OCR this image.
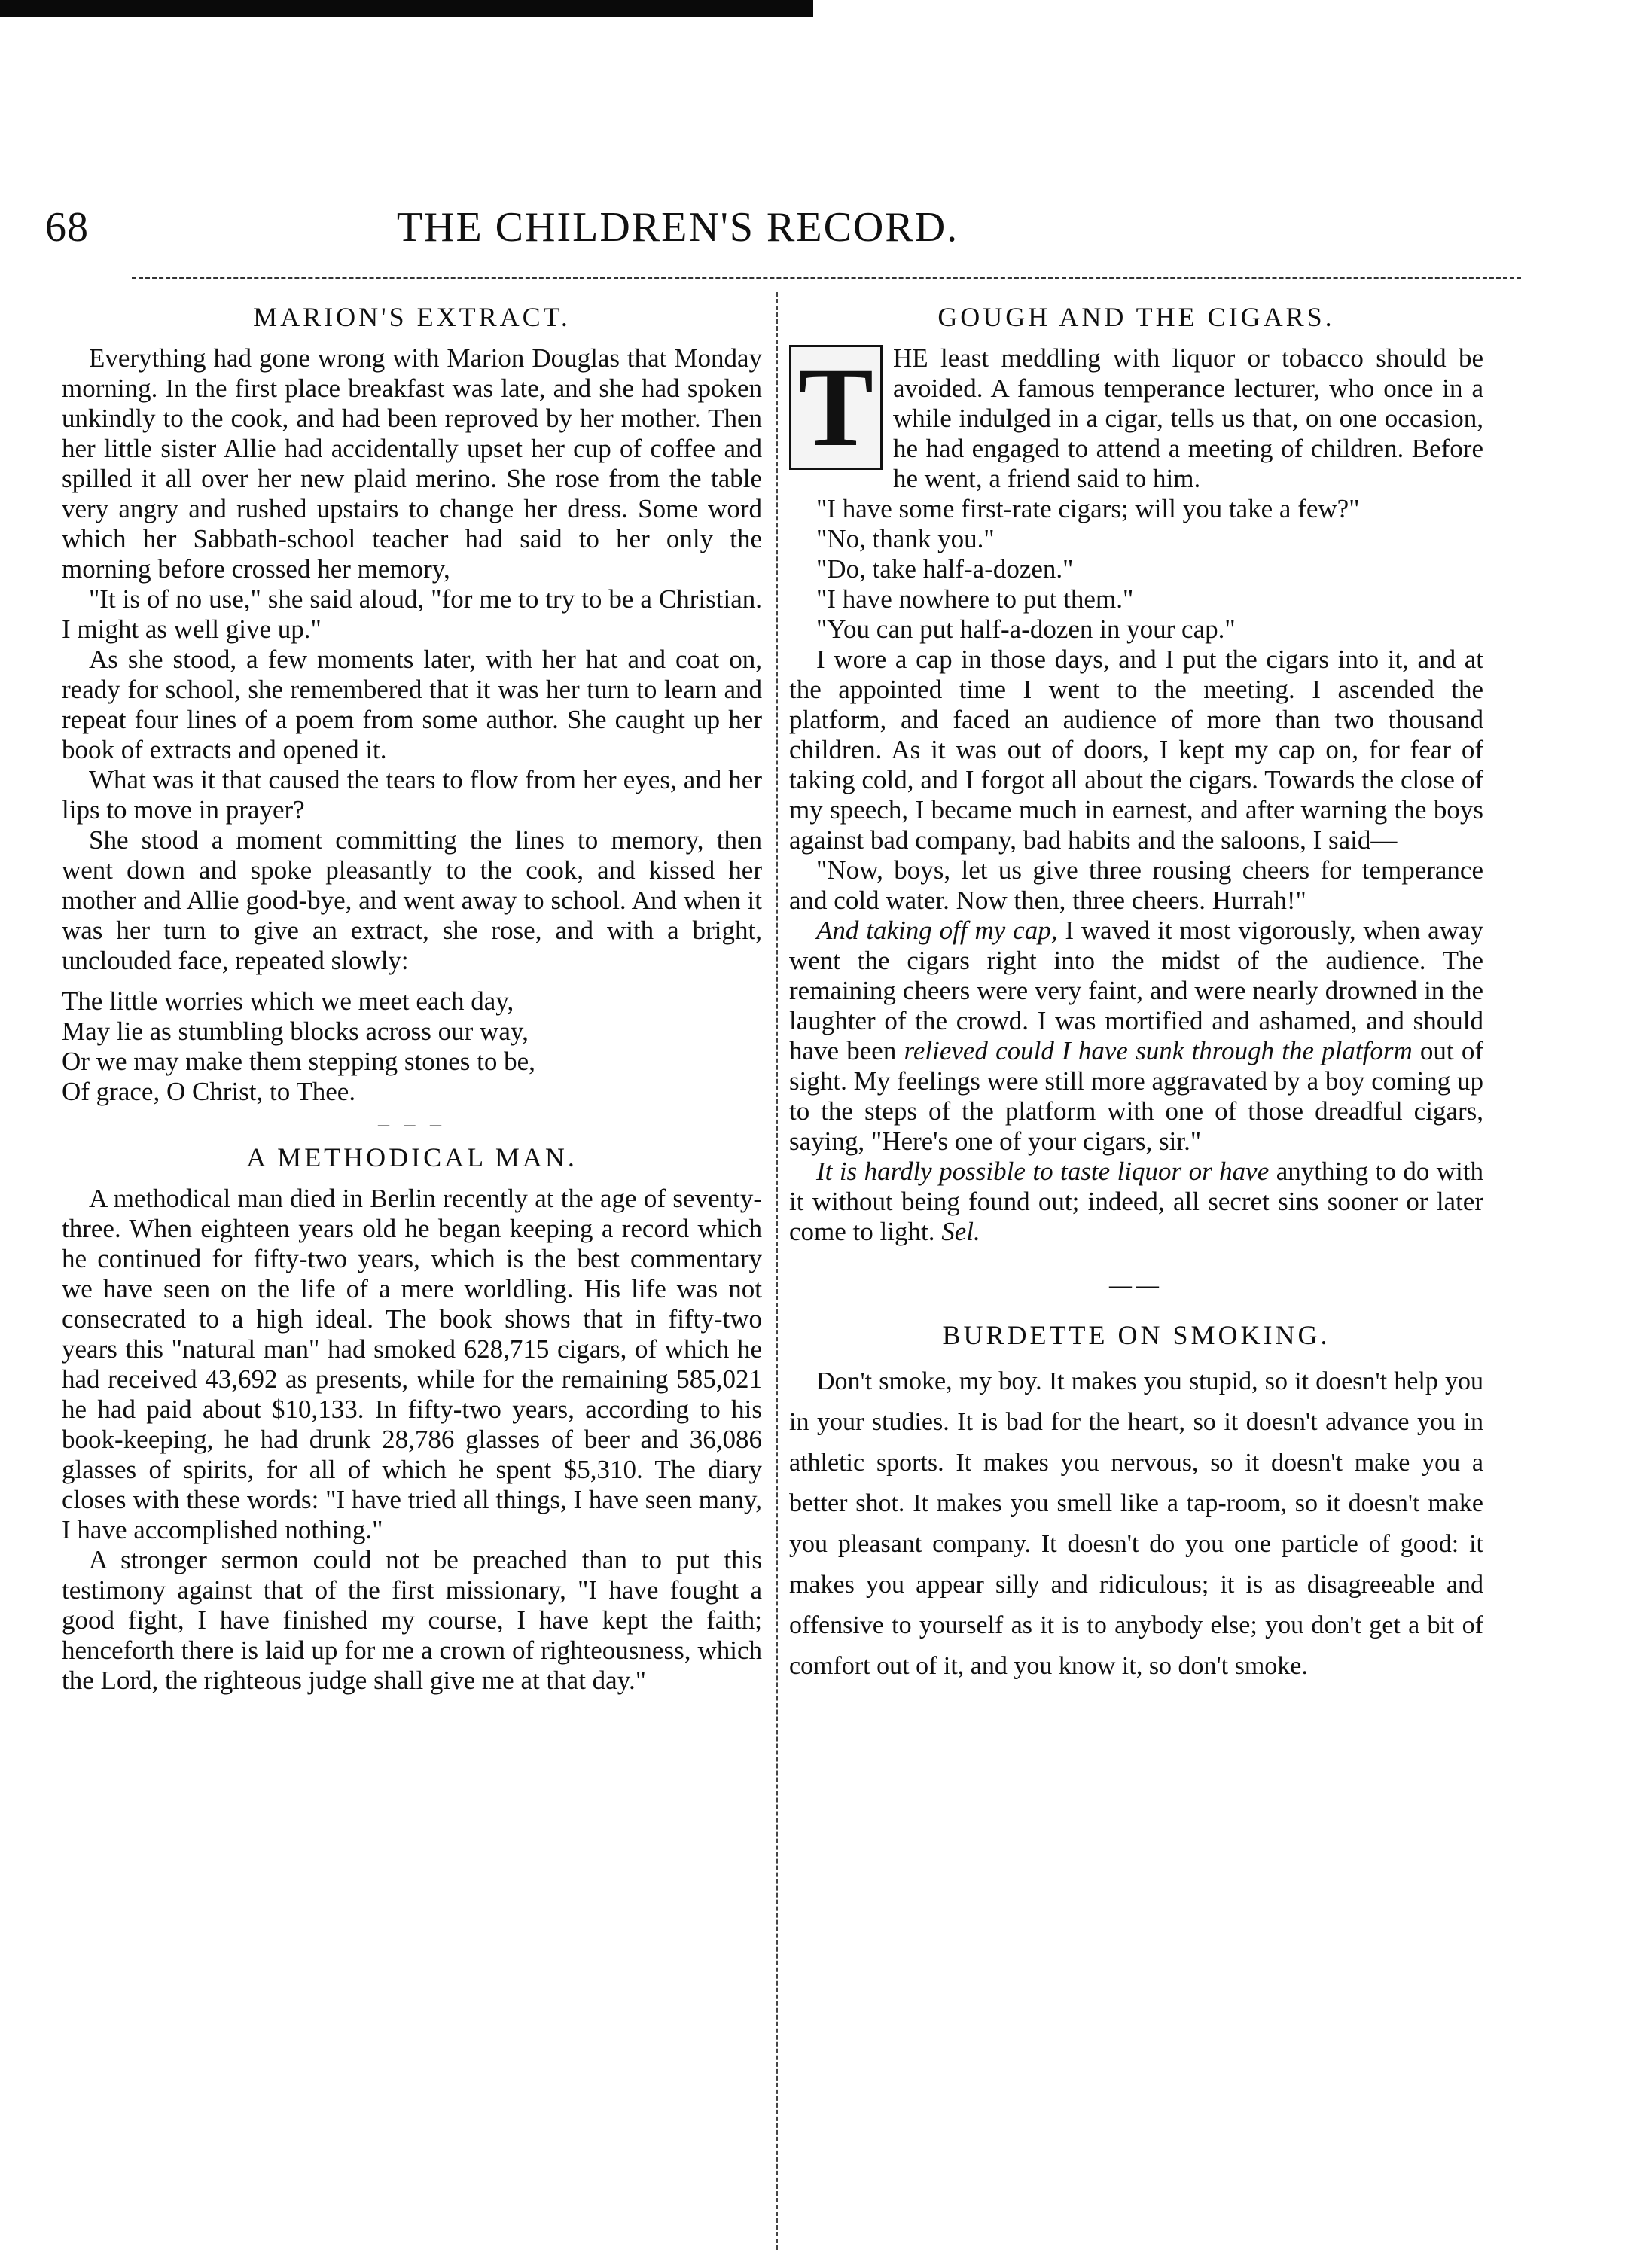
68	THE CHILDREN'S RECORD.
MARION'S EXTRACT.

Everything had gone wrong with Marion Douglas that Monday morning. In the first place breakfast was late, and she had spoken unkindly to the cook, and had been reproved by her mother. Then her little sister Allie had accidentally upset her cup of coffee and spilled it all over her new plaid merino. She rose from the table very angry and rushed upstairs to change her dress. Some word which her Sabbath-school teacher had said to her only the morning before crossed her memory,

"It is of no use," she said aloud, "for me to try to be a Christian. I might as well give up."

As she stood, a few moments later, with her hat and coat on, ready for school, she remembered that it was her turn to learn and repeat four lines of a poem from some author. She caught up her book of extracts and opened it.

What was it that caused the tears to flow from her eyes, and her lips to move in prayer?

She stood a moment committing the lines to memory, then went down and spoke pleasantly to the cook, and kissed her mother and Allie good-bye, and went away to school. And when it was her turn to give an extract, she rose, and with a bright, unclouded face, repeated slowly:

The little worries which we meet each day,
May lie as stumbling blocks across our way,
Or we may make them stepping stones to be,
Of grace, O Christ, to Thee.
– – –
A METHODICAL MAN.

A methodical man died in Berlin recently at the age of seventy-three. When eighteen years old he began keeping a record which he continued for fifty-two years, which is the best commentary we have seen on the life of a mere worldling. His life was not consecrated to a high ideal. The book shows that in fifty-two years this "natural man" had smoked 628,715 cigars, of which he had received 43,692 as presents, while for the remaining 585,021 he had paid about $10,133. In fifty-two years, according to his book-keeping, he had drunk 28,786 glasses of beer and 36,086 glasses of spirits, for all of which he spent $5,310. The diary closes with these words: "I have tried all things, I have seen many, I have accomplished nothing."

A stronger sermon could not be preached than to put this testimony against that of the first missionary, "I have fought a good fight, I have finished my course, I have kept the faith; henceforth there is laid up for me a crown of righteousness, which the Lord, the righteous judge shall give me at that day."

GOUGH AND THE CIGARS.

T HE least meddling with liquor or tobacco should be avoided. A famous temperance lecturer, who once in a while indulged in a cigar, tells us that, on one occasion, he had engaged to attend a meeting of children. Before he went, a friend said to him.

"I have some first-rate cigars; will you take a few?"

"No, thank you."

"Do, take half-a-dozen."

"I have nowhere to put them."

"You can put half-a-dozen in your cap."

I wore a cap in those days, and I put the cigars into it, and at the appointed time I went to the meeting. I ascended the platform, and faced an audience of more than two thousand children. As it was out of doors, I kept my cap on, for fear of taking cold, and I forgot all about the cigars. Towards the close of my speech, I became much in earnest, and after warning the boys against bad company, bad habits and the saloons, I said—

"Now, boys, let us give three rousing cheers for temperance and cold water. Now then, three cheers. Hurrah!"

And taking off my cap, I waved it most vigorously, when away went the cigars right into the midst of the audience. The remaining cheers were very faint, and were nearly drowned in the laughter of the crowd. I was mortified and ashamed, and should have been relieved could I have sunk through the platform out of sight. My feelings were still more aggravated by a boy coming up to the steps of the platform with one of those dreadful cigars, saying, "Here's one of your cigars, sir."

It is hardly possible to taste liquor or have anything to do with it without being found out; indeed, all secret sins sooner or later come to light. Sel.

——
BURDETTE ON SMOKING.

Don't smoke, my boy. It makes you stupid, so it doesn't help you in your studies. It is bad for the heart, so it doesn't advance you in athletic sports. It makes you nervous, so it doesn't make you a better shot. It makes you smell like a tap-room, so it doesn't make you pleasant company. It doesn't do you one particle of good: it makes you appear silly and ridiculous; it is as disagreeable and offensive to yourself as it is to anybody else; you don't get a bit of comfort out of it, and you know it, so don't smoke.
